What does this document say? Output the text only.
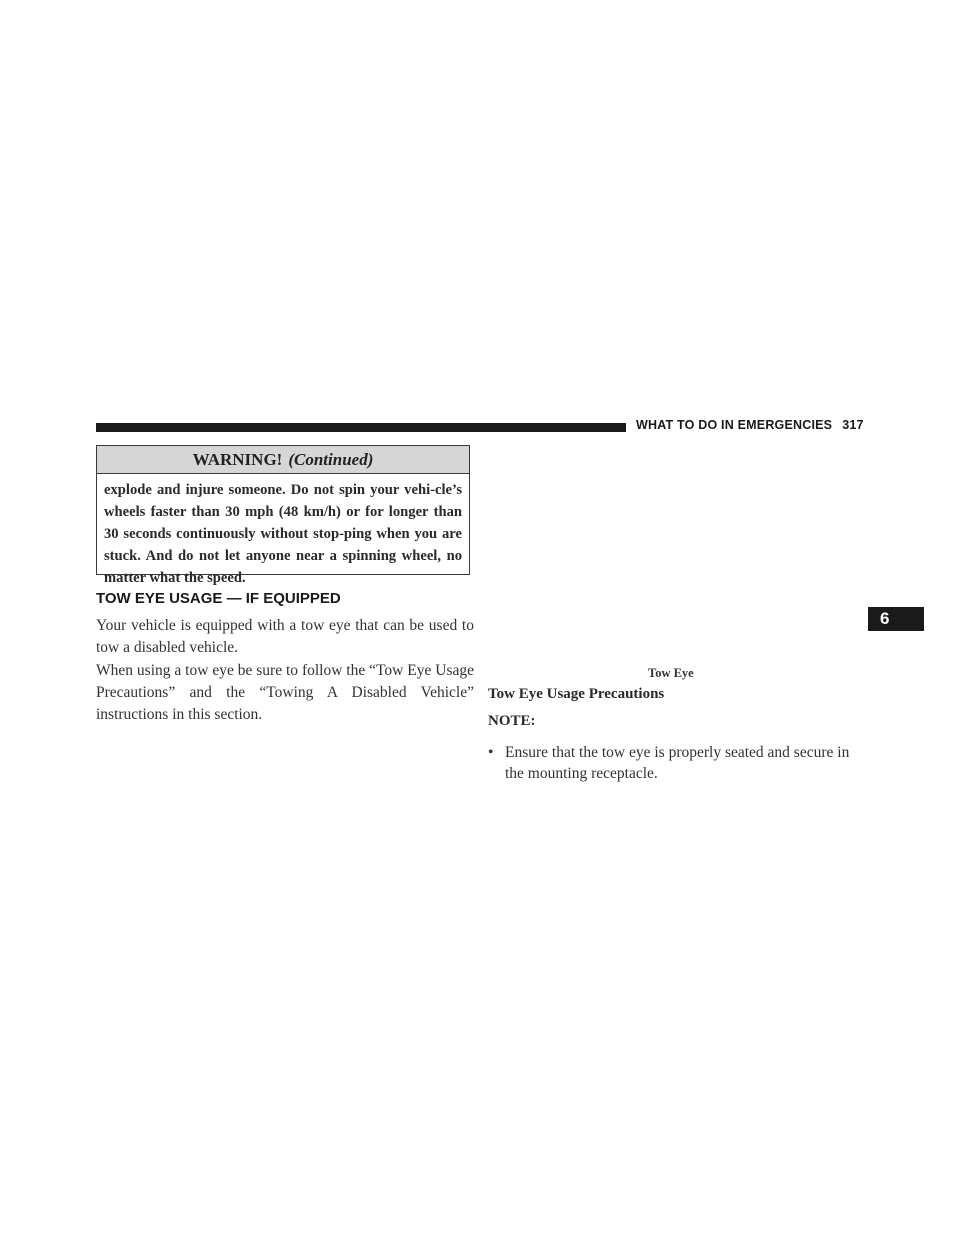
WHAT TO DO IN EMERGENCIES 317
WARNING! (Continued)
explode and injure someone. Do not spin your vehi-cle’s wheels faster than 30 mph (48 km/h) or for longer than 30 seconds continuously without stop-ping when you are stuck. And do not let anyone near a spinning wheel, no matter what the speed.
TOW EYE USAGE — IF EQUIPPED
Your vehicle is equipped with a tow eye that can be used to tow a disabled vehicle.
When using a tow eye be sure to follow the “Tow Eye Usage Precautions” and the “Towing A Disabled Vehicle” instructions in this section.
Tow Eye
Tow Eye Usage Precautions
NOTE:
• Ensure that the tow eye is properly seated and secure in the mounting receptacle.
6
